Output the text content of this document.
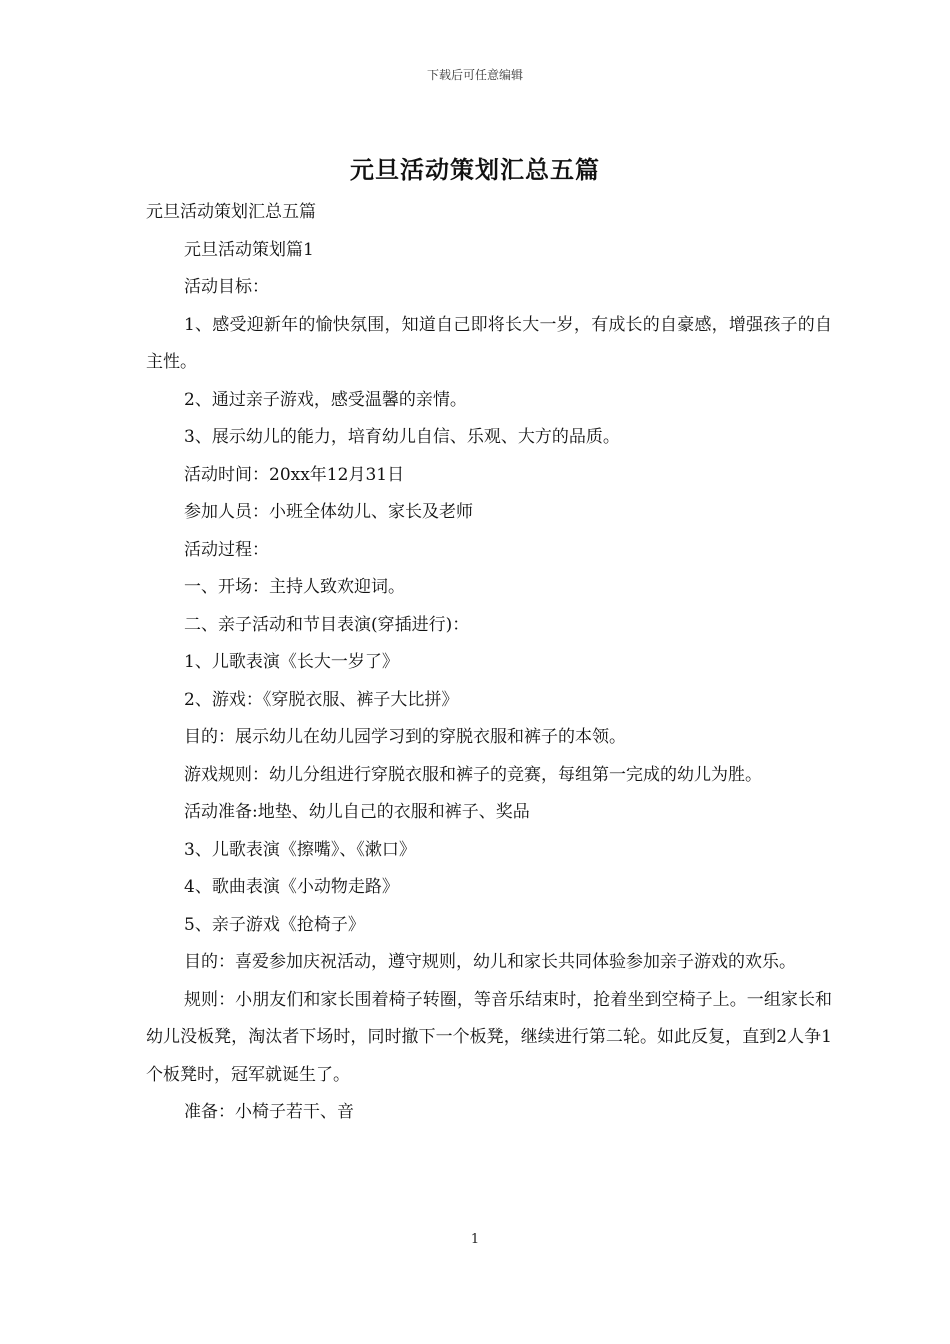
下载后可任意编辑
元旦活动策划汇总五篇

元旦活动策划汇总五篇

元旦活动策划篇1

活动目标：

1、感受迎新年的愉快氛围，知道自己即将长大一岁，有成长的自豪感，增强孩子的自主性。

2、通过亲子游戏，感受温馨的亲情。

3、展示幼儿的能力，培育幼儿自信、乐观、大方的品质。

活动时间：20xx年12月31日

参加人员：小班全体幼儿、家长及老师

活动过程：

一、开场：主持人致欢迎词。

二、亲子活动和节目表演(穿插进行)：

1、儿歌表演《长大一岁了》

2、游戏：《穿脱衣服、裤子大比拼》

目的：展示幼儿在幼儿园学习到的穿脱衣服和裤子的本领。

游戏规则：幼儿分组进行穿脱衣服和裤子的竞赛，每组第一完成的幼儿为胜。

活动准备:地垫、幼儿自己的衣服和裤子、奖品

3、儿歌表演《擦嘴》、《漱口》

4、歌曲表演《小动物走路》

5、亲子游戏《抢椅子》

目的：喜爱参加庆祝活动，遵守规则，幼儿和家长共同体验参加亲子游戏的欢乐。

规则：小朋友们和家长围着椅子转圈，等音乐结束时，抢着坐到空椅子上。一组家长和幼儿没板凳，淘汰者下场时，同时撤下一个板凳，继续进行第二轮。如此反复，直到2人争1个板凳时，冠军就诞生了。

准备：小椅子若干、音

1
